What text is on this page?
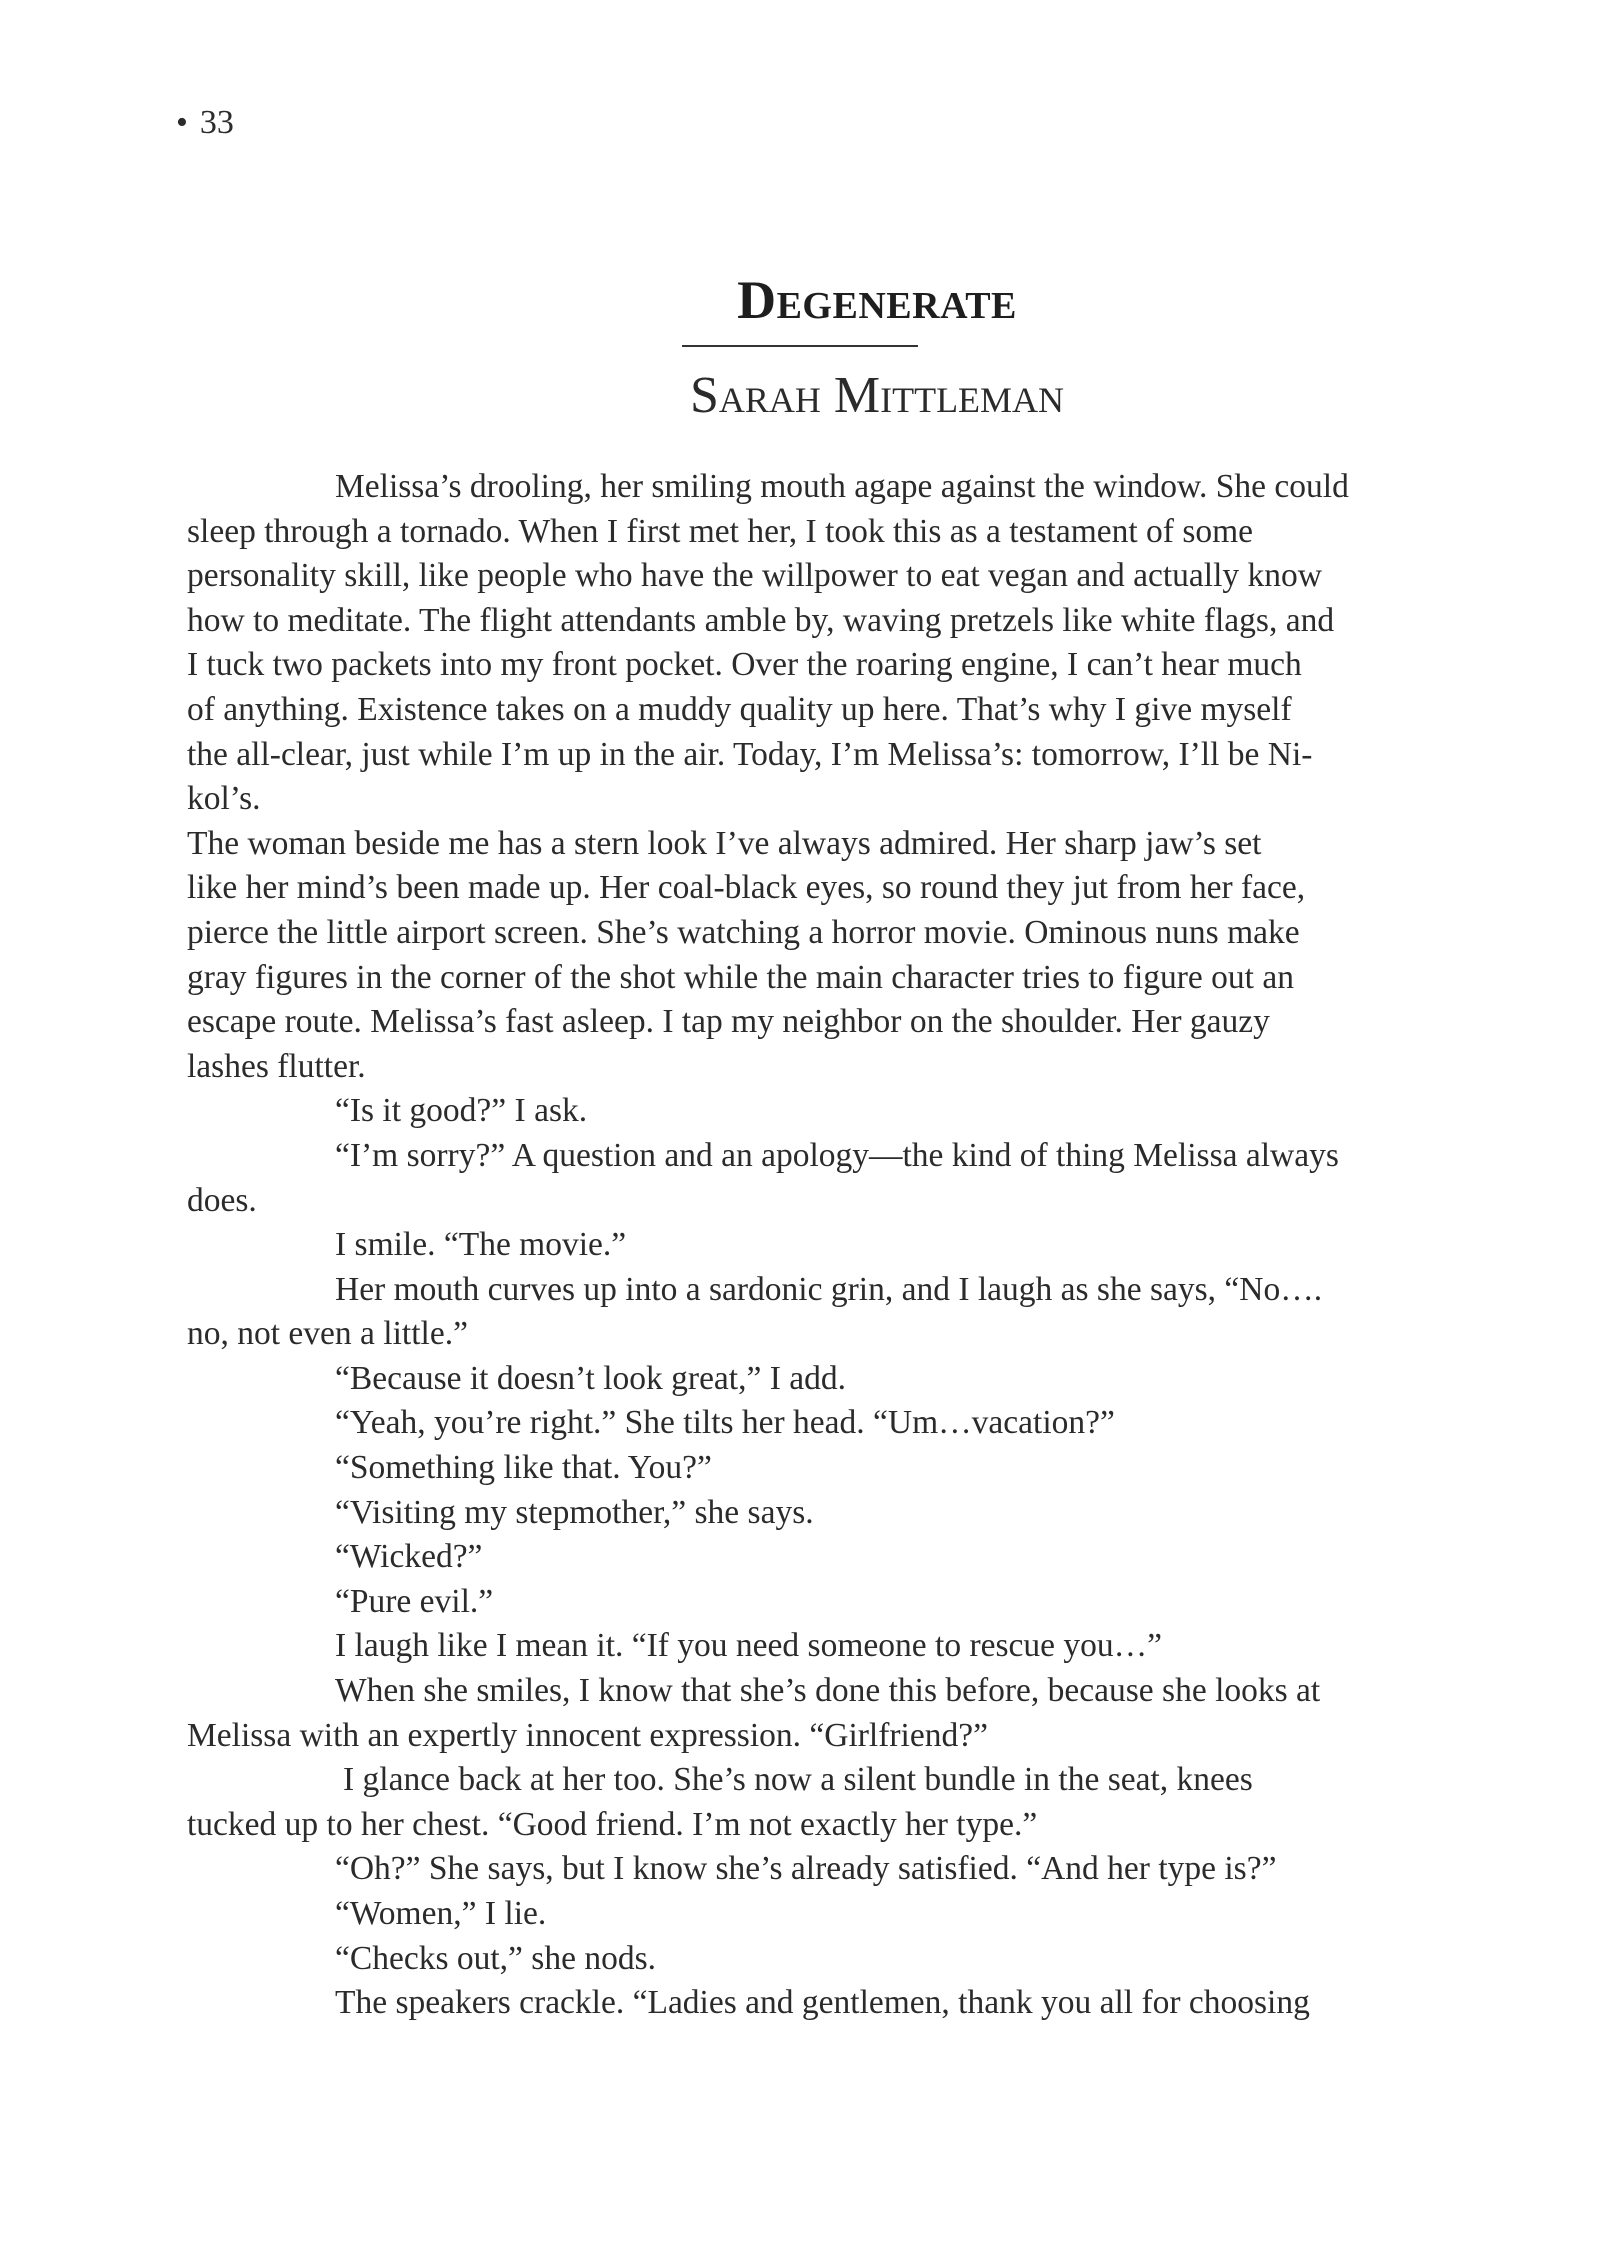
• 33
Degenerate
Sarah Mittleman
Melissa’s drooling, her smiling mouth agape against the window. She could
sleep through a tornado. When I first met her, I took this as a testament of some
personality skill, like people who have the willpower to eat vegan and actually know
how to meditate. The flight attendants amble by, waving pretzels like white flags, and
I tuck two packets into my front pocket. Over the roaring engine, I can’t hear much
of anything. Existence takes on a muddy quality up here. That’s why I give myself
the all-clear, just while I’m up in the air. Today, I’m Melissa’s: tomorrow, I’ll be Ni-
kol’s.
The woman beside me has a stern look I’ve always admired. Her sharp jaw’s set
like her mind’s been made up. Her coal-black eyes, so round they jut from her face,
pierce the little airport screen. She’s watching a horror movie. Ominous nuns make
gray figures in the corner of the shot while the main character tries to figure out an
escape route. Melissa’s fast asleep. I tap my neighbor on the shoulder. Her gauzy
lashes flutter.
“Is it good?” I ask.
“I’m sorry?” A question and an apology—the kind of thing Melissa always
does.
I smile. “The movie.”
Her mouth curves up into a sardonic grin, and I laugh as she says, “No….
no, not even a little.”
“Because it doesn’t look great,” I add.
“Yeah, you’re right.” She tilts her head. “Um…vacation?”
“Something like that. You?”
“Visiting my stepmother,” she says.
“Wicked?”
“Pure evil.”
I laugh like I mean it. “If you need someone to rescue you…”
When she smiles, I know that she’s done this before, because she looks at
Melissa with an expertly innocent expression. “Girlfriend?”
I glance back at her too. She’s now a silent bundle in the seat, knees
tucked up to her chest. “Good friend. I’m not exactly her type.”
“Oh?” She says, but I know she’s already satisfied. “And her type is?”
“Women,” I lie.
“Checks out,” she nods.
The speakers crackle. “Ladies and gentlemen, thank you all for choosing
